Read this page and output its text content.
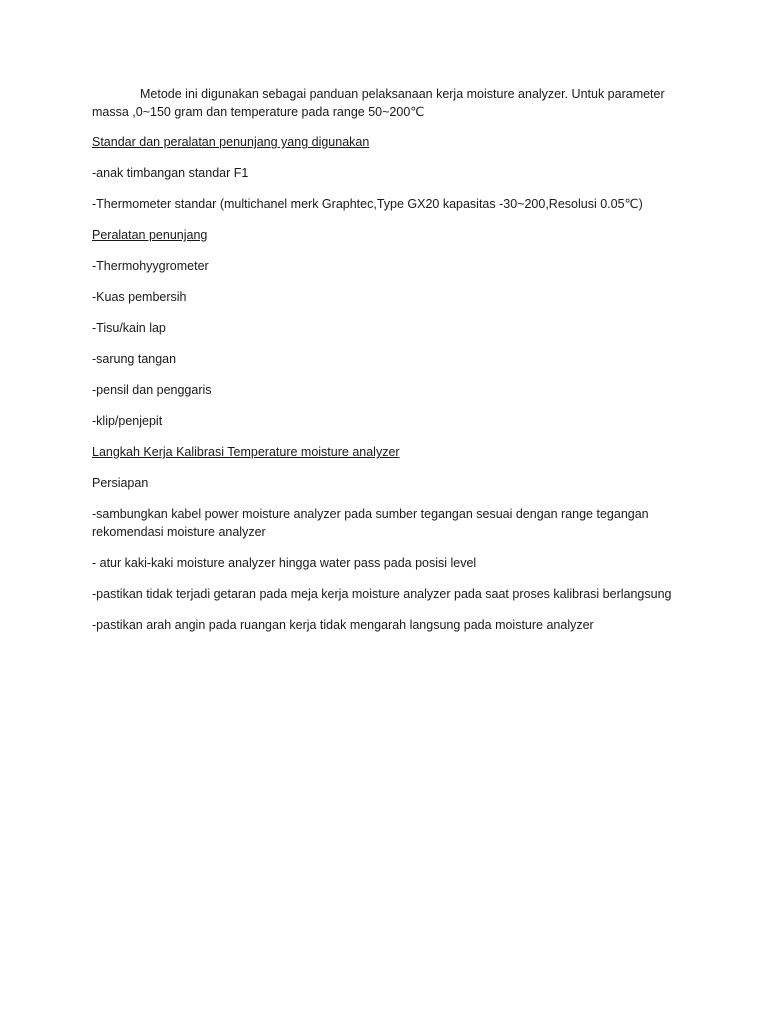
Metode ini digunakan sebagai panduan pelaksanaan kerja moisture analyzer. Untuk parameter massa ,0~150 gram dan temperature pada range 50~200℃

Standar dan peralatan penunjang yang digunakan

-anak timbangan standar F1

-Thermometer standar (multichanel merk Graphtec,Type GX20 kapasitas -30~200,Resolusi 0.05℃)

Peralatan penunjang

-Thermohyygrometer

-Kuas pembersih

-Tisu/kain lap

-sarung tangan

-pensil dan penggaris

-klip/penjepit

Langkah Kerja Kalibrasi Temperature moisture analyzer

Persiapan

-sambungkan kabel power moisture analyzer pada sumber tegangan sesuai dengan range tegangan rekomendasi moisture analyzer

- atur kaki-kaki moisture analyzer hingga water pass pada posisi level

-pastikan tidak terjadi getaran pada meja kerja moisture analyzer pada saat proses kalibrasi berlangsung

-pastikan arah angin pada ruangan kerja tidak mengarah langsung pada moisture analyzer
